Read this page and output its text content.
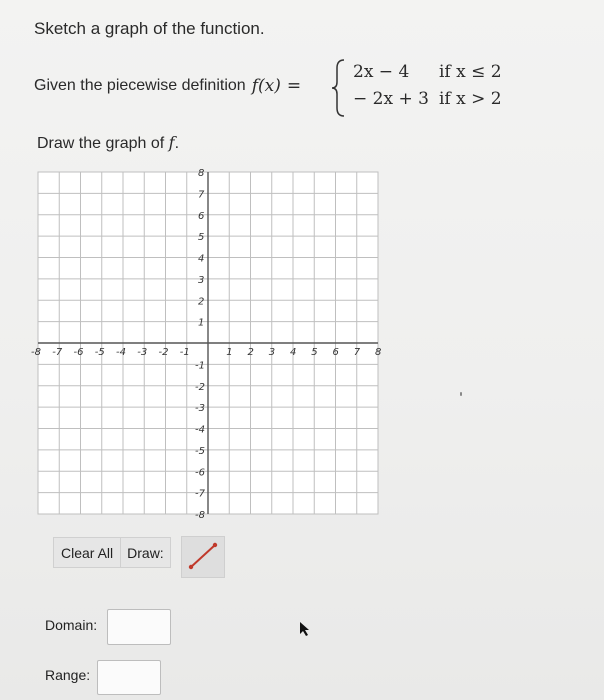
Sketch a graph of the function.
Given the piecewise definition f(x) =
2x − 4	if x ≤ 2
− 2x + 3 if x > 2
Draw the graph of f.
-8 -7 -6 -5 -4 -3 -2 -1	1 2 3 4 5 6 7 8
8
7
6
5
4
3
2
1
-1
-2
-3
-4
-5
-6
-7
-8
Clear All	Draw:
Domain:
Range:
